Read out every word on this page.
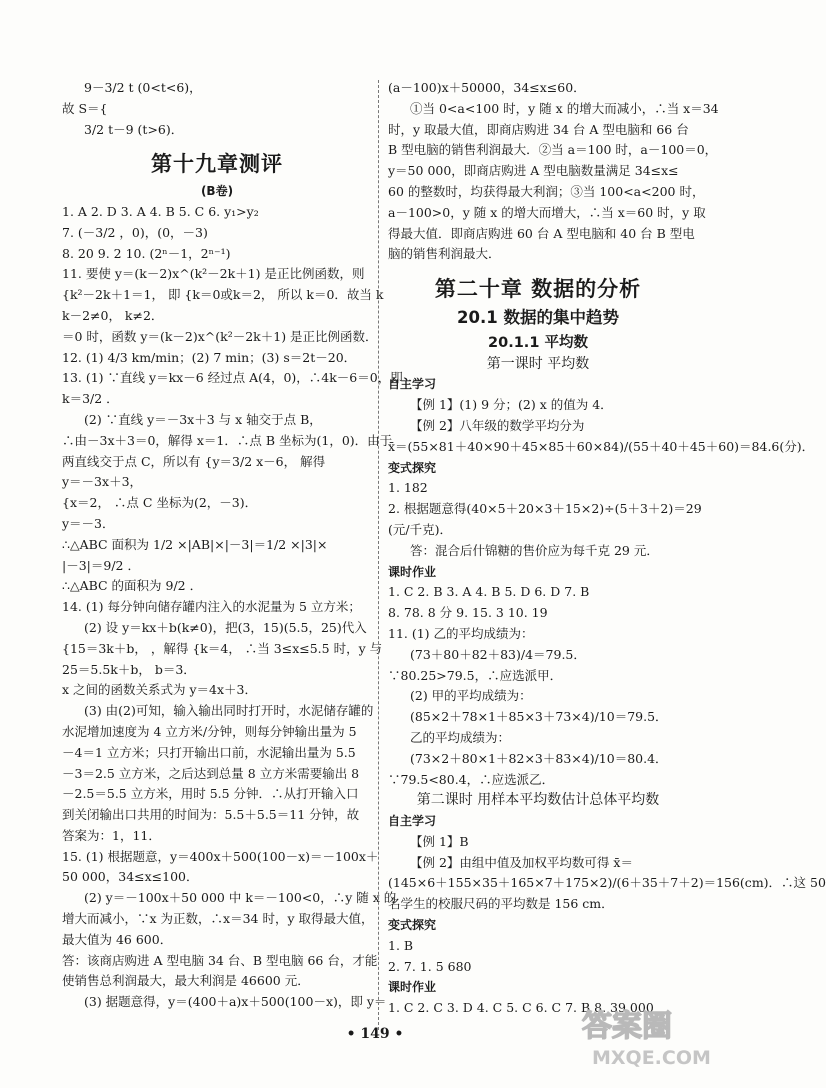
9－3/2 t (0<t<6)，
故 S＝{
3/2 t－9 (t>6)．
第十九章测评
(B卷)
1. A 2. D 3. A 4. B 5. C 6. y₁>y₂
7. (－3/2 ，0)，(0，－3)
8. 20 9. 2 10. (2ⁿ－1，2ⁿ⁻¹)
11. 要使 y＝(k－2)x^(k²－2k＋1) 是正比例函数，则
{k²－2k＋1＝1， 即 {k＝0或k＝2， 所以 k＝0．故当 k
k－2≠0， k≠2．
＝0 时，函数 y＝(k－2)x^(k²－2k＋1) 是正比例函数．
12. (1) 4/3 km/min；(2) 7 min；(3) s＝2t－20．
13. (1) ∵直线 y＝kx－6 经过点 A(4，0)，∴4k－6＝0，即
k＝3/2 ．
(2) ∵直线 y＝－3x＋3 与 x 轴交于点 B，
∴由－3x＋3＝0，解得 x＝1．∴点 B 坐标为(1，0)．由于
两直线交于点 C，所以有 {y＝3/2 x－6， 解得
y＝－3x＋3，
{x＝2， ∴点 C 坐标为(2，－3)．
y＝－3．
∴△ABC 面积为 1/2 ×|AB|×|－3|＝1/2 ×|3|×
|－3|＝9/2 ．
∴△ABC 的面积为 9/2 ．
14. (1) 每分钟向储存罐内注入的水泥量为 5 立方米；
(2) 设 y＝kx＋b(k≠0)，把(3，15)(5.5，25)代入
{15＝3k＋b， ，解得 {k＝4， ∴当 3≤x≤5.5 时，y 与
25＝5.5k＋b， b＝3．
x 之间的函数关系式为 y＝4x＋3．
(3) 由(2)可知，输入输出同时打开时，水泥储存罐的
水泥增加速度为 4 立方米/分钟，则每分钟输出量为 5
－4＝1 立方米；只打开输出口前，水泥输出量为 5.5
－3＝2.5 立方米，之后达到总量 8 立方米需要输出 8
－2.5＝5.5 立方米，用时 5.5 分钟．∴从打开输入口
到关闭输出口共用的时间为：5.5＋5.5＝11 分钟，故
答案为：1，11．
15. (1) 根据题意，y＝400x＋500(100－x)＝－100x＋
50 000，34≤x≤100．
(2) y＝－100x＋50 000 中 k＝－100<0，∴y 随 x 的
增大而减小，∵x 为正数，∴x＝34 时，y 取得最大值，
最大值为 46 600．
答：该商店购进 A 型电脑 34 台、B 型电脑 66 台，才能
使销售总利润最大，最大利润是 46600 元．
(3) 据题意得，y＝(400＋a)x＋500(100－x)，即 y＝
(a－100)x＋50000，34≤x≤60．
①当 0<a<100 时，y 随 x 的增大而减小，∴当 x＝34
时，y 取最大值，即商店购进 34 台 A 型电脑和 66 台
B 型电脑的销售利润最大．②当 a＝100 时，a－100＝0，
y＝50 000，即商店购进 A 型电脑数量满足 34≤x≤
60 的整数时，均获得最大利润；③当 100<a<200 时，
a－100>0，y 随 x 的增大而增大，∴当 x＝60 时，y 取
得最大值．即商店购进 60 台 A 型电脑和 40 台 B 型电
脑的销售利润最大．
第二十章 数据的分析
20.1 数据的集中趋势
20.1.1 平均数
第一课时 平均数
自主学习
【例 1】(1) 9 分；(2) x 的值为 4．
【例 2】八年级的数学平均分为
x̄＝(55×81＋40×90＋45×85＋60×84)/(55＋40＋45＋60)＝84.6(分)．
变式探究
1. 182
2. 根据题意得(40×5＋20×3＋15×2)÷(5＋3＋2)＝29
(元/千克)．
答：混合后什锦糖的售价应为每千克 29 元．
课时作业
1. C 2. B 3. A 4. B 5. D 6. D 7. B
8. 78. 8 分 9. 15. 3 10. 19
11. (1) 乙的平均成绩为：
(73＋80＋82＋83)/4＝79.5．
∵80.25>79.5，∴应选派甲．
(2) 甲的平均成绩为：
(85×2＋78×1＋85×3＋73×4)/10＝79.5．
乙的平均成绩为：
(73×2＋80×1＋82×3＋83×4)/10＝80.4．
∵79.5<80.4，∴应选派乙．
第二课时 用样本平均数估计总体平均数
自主学习
【例 1】B
【例 2】由组中值及加权平均数可得 x̄＝
(145×6＋155×35＋165×7＋175×2)/(6＋35＋7＋2)＝156(cm)．∴这 50
名学生的校服尺码的平均数是 156 cm．
变式探究
1. B
2. 7. 1. 5 680
课时作业
1. C 2. C 3. D 4. C 5. C 6. C 7. B 8. 39 000
• 149 •	答案圈
MXQE.COM
